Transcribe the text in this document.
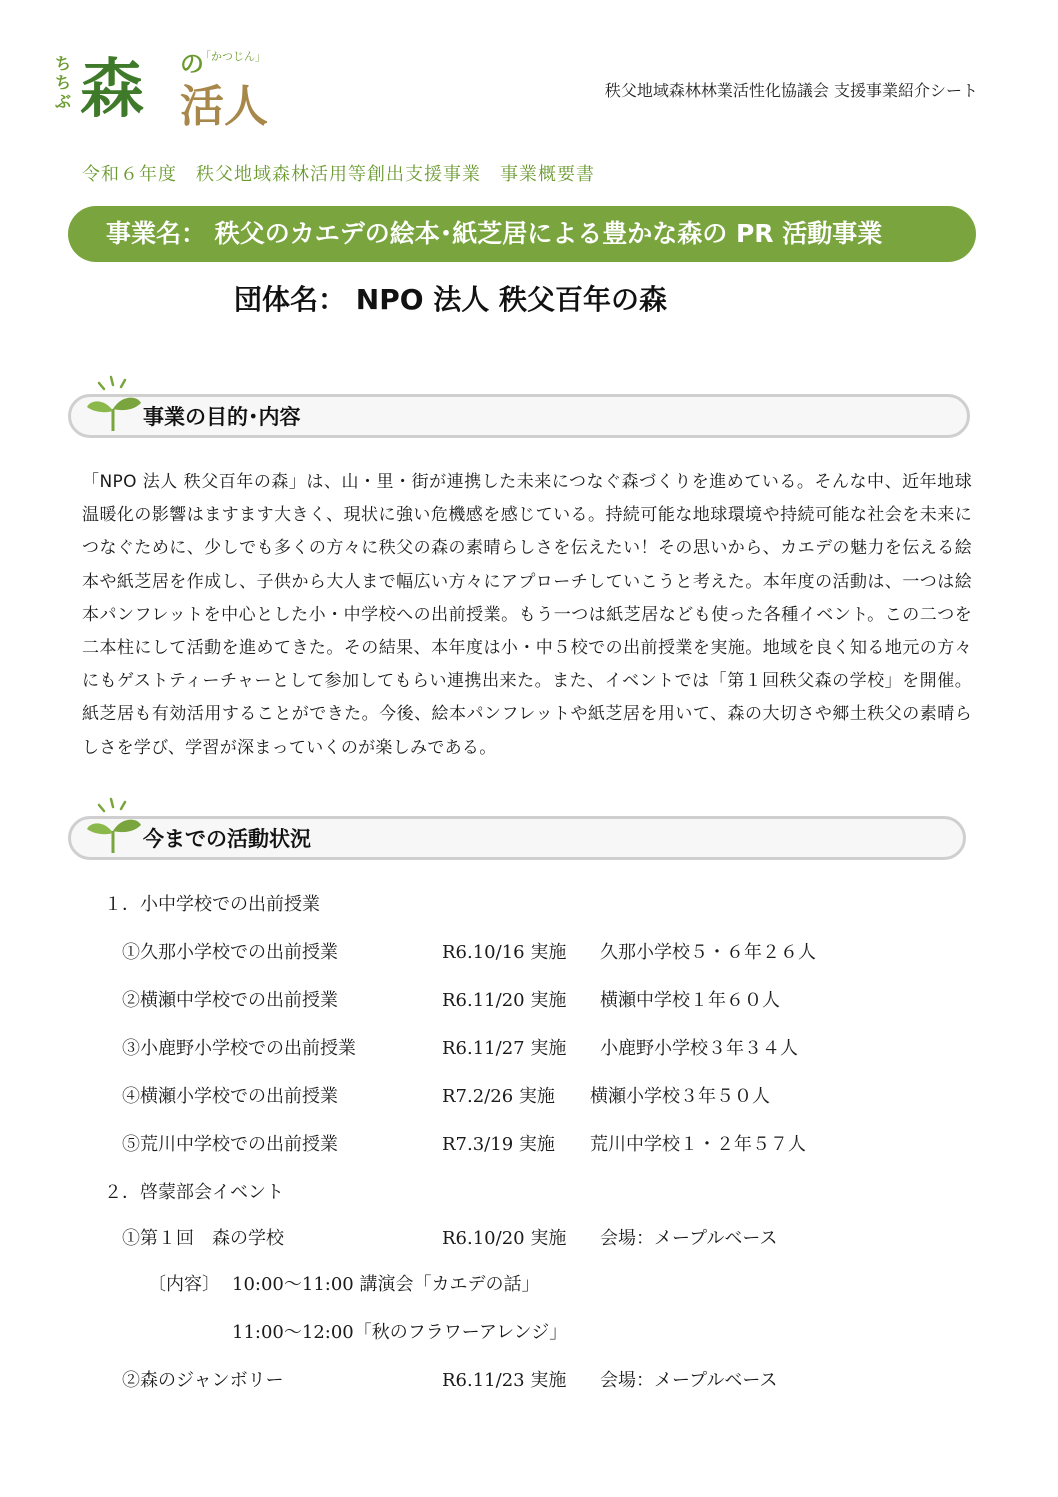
ちちぶ 森 の
「かつじん」
活人	秩父地域森林林業活性化協議会 支援事業紹介シート
令和６年度　秩父地域森林活用等創出支援事業　事業概要書
事業名： 秩父のカエデの絵本･紙芝居による豊かな森の PR 活動事業
団体名： NPO 法人 秩父百年の森
事業の目的･内容
「NPO 法人 秩父百年の森」は、山・里・街が連携した未来につなぐ森づくりを進めている。そんな中、近年地球温暖化の影響はますます大きく、現状に強い危機感を感じている。持続可能な地球環境や持続可能な社会を未来につなぐために、少しでも多くの方々に秩父の森の素晴らしさを伝えたい！その思いから、カエデの魅力を伝える絵本や紙芝居を作成し、子供から大人まで幅広い方々にアプローチしていこうと考えた。本年度の活動は、一つは絵本パンフレットを中心とした小・中学校への出前授業。もう一つは紙芝居なども使った各種イベント。この二つを二本柱にして活動を進めてきた。その結果、本年度は小・中５校での出前授業を実施。地域を良く知る地元の方々にもゲストティーチャーとして参加してもらい連携出来た。また、イベントでは「第１回秩父森の学校」を開催。紙芝居も有効活用することができた。今後、絵本パンフレットや紙芝居を用いて、森の大切さや郷土秩父の素晴らしさを学び、学習が深まっていくのが楽しみである。
今までの活動状況
１．小中学校での出前授業
①久那小学校での出前授業	R6.10/16 実施 久那小学校５・６年２６人
②横瀬中学校での出前授業	R6.11/20 実施 横瀬中学校１年６０人
③小鹿野小学校での出前授業	R6.11/27 実施 小鹿野小学校３年３４人
④横瀬小学校での出前授業	R7.2/26 実施 横瀬小学校３年５０人
⑤荒川中学校での出前授業	R7.3/19 実施 荒川中学校１・２年５７人
２．啓蒙部会イベント
①第１回　森の学校	R6.10/20 実施 会場：メープルベース
〔内容〕 10:00～11:00 講演会「カエデの話」
11:00～12:00「秋のフラワーアレンジ」
②森のジャンボリー	R6.11/23 実施 会場：メープルベース
